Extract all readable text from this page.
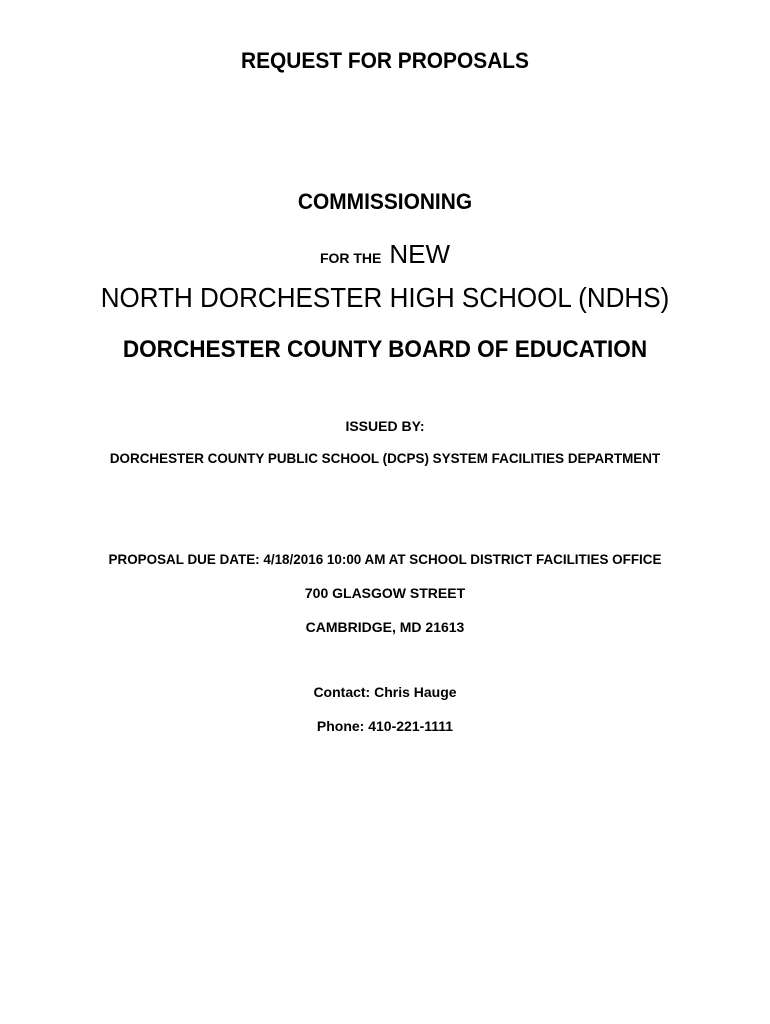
REQUEST FOR PROPOSALS

COMMISSIONING

FOR THE NEW

NORTH DORCHESTER HIGH SCHOOL (NDHS)

DORCHESTER COUNTY BOARD OF EDUCATION

ISSUED BY:

DORCHESTER COUNTY PUBLIC SCHOOL (DCPS) SYSTEM FACILITIES DEPARTMENT

PROPOSAL DUE DATE: 4/18/2016 10:00 AM AT SCHOOL DISTRICT FACILITIES OFFICE

700 GLASGOW STREET

CAMBRIDGE, MD 21613

Contact: Chris Hauge

Phone: 410-221-1111
